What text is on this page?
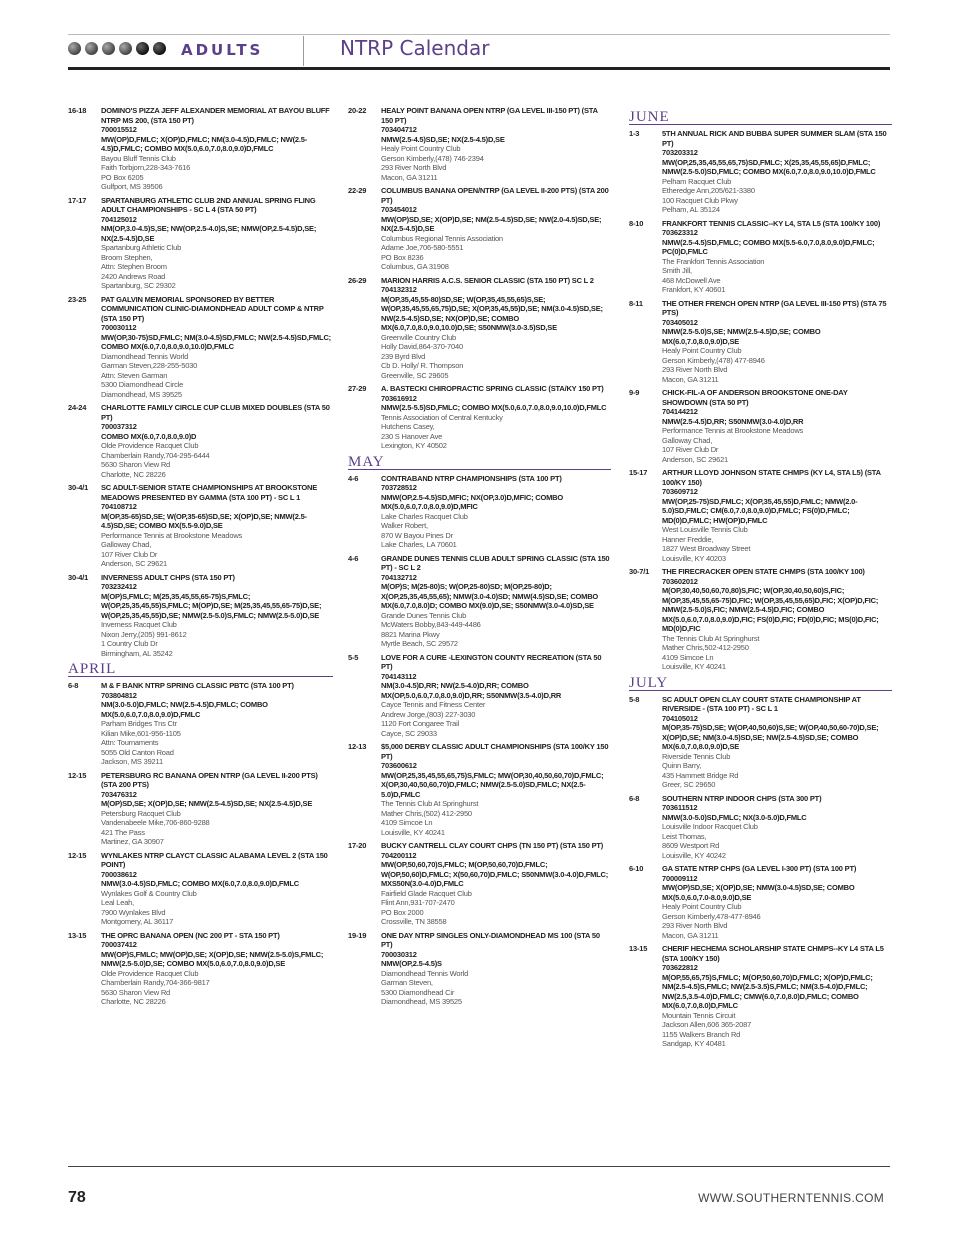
ADULTS	NTRP Calendar
16-18	DOMINO'S PIZZA JEFF ALEXANDER MEMORIAL AT BAYOU BLUFF NTRP MS 200, (STA 150 PT)
700015512
MW(OP)D,FMLC; X(OP)D,FMLC; NM(3.0-4.5)D,FMLC; NW(2.5-4.5)D,FMLC; COMBO MX(5.0,6.0,7.0,8.0,9.0)D,FMLC
Bayou Bluff Tennis Club
Faith Torbjorn,228-343-7616
PO Box 6205
Gulfport, MS 39506
17-17	SPARTANBURG ATHLETIC CLUB 2ND ANNUAL SPRING FLING ADULT CHAMPIONSHIPS - SC L 4 (STA 50 PT)
704125012
NM(OP,3.0-4.5)S,SE; NW(OP,2.5-4.0)S,SE; NMW(OP,2.5-4.5)D,SE; NX(2.5-4.5)D,SE
Spartanburg Athletic Club
Broom Stephen,
Attn: Stephen Broom
2420 Andrews Road
Spartanburg, SC 29302
23-25	PAT GALVIN MEMORIAL SPONSORED BY BETTER COMMUNICATION CLINIC-DIAMONDHEAD ADULT COMP & NTRP (STA 150 PT)
700030112
MW(OP,30-75)SD,FMLC; NM(3.0-4.5)SD,FMLC; NW(2.5-4.5)SD,FMLC; COMBO MX(6.0,7.0,8.0,9.0,10.0)D,FMLC
Diamondhead Tennis World
Garman Steven,228-255-5030
Attn: Steven Garman
5300 Diamondhead Circle
Diamondhead, MS 39525
24-24	CHARLOTTE FAMILY CIRCLE CUP CLUB MIXED DOUBLES (STA 50 PT)
700037312
COMBO MX(6.0,7.0,8.0,9.0)D
Olde Providence Racquet Club
Chamberlain Randy,704-295-6444
5630 Sharon View Rd
Charlotte, NC 28226
30-4/1	SC ADULT-SENIOR STATE CHAMPIONSHIPS AT BROOKSTONE MEADOWS PRESENTED BY GAMMA (STA 100 PT) - SC L 1
704108712
M(OP,35-65)SD,SE; W(OP,35-65)SD,SE; X(OP)D,SE; NMW(2.5-4.5)SD,SE; COMBO MX(5.5-9.0)D,SE
Performance Tennis at Brookstone Meadows
Galloway Chad,
107 River Club Dr
Anderson, SC 29621
30-4/1	INVERNESS ADULT CHPS (STA 150 PT)
703232412
M(OP)S,FMLC; M(25,35,45,55,65-75)S,FMLC; W(OP,25,35,45,55)S,FMLC; M(OP)D,SE; M(25,35,45,55,65-75)D,SE; W(OP,25,35,45,55)D,SE; NMW(2.5-5.0)S,FMLC; NMW(2.5-5.0)D,SE
Inverness Racquet Club
Nixon Jerry,(205) 991-8612
1 Country Club Dr
Birmingham, AL 35242
APRIL
6-8	M & F BANK NTRP SPRING CLASSIC PBTC (STA 100 PT)
703804812
NM(3.0-5.0)D,FMLC; NW(2.5-4.5)D,FMLC; COMBO MX(5.0,6.0,7.0,8.0,9.0)D,FMLC
Parham Bridges Tns Ctr
Kilian Mike,601-956-1105
Attn: Tournaments
5055 Old Canton Road
Jackson, MS 39211
12-15	PETERSBURG RC BANANA OPEN NTRP (GA LEVEL II-200 PTS) (STA 200 PTS)
703476312
M(OP)SD,SE; X(OP)D,SE; NMW(2.5-4.5)SD,SE; NX(2.5-4.5)D,SE
Petersburg Racquet Club
Vandenabeele Mike,706-860-9288
421 The Pass
Martinez, GA 30907
12-15	WYNLAKES NTRP CLAYCT CLASSIC ALABAMA LEVEL 2 (STA 150 POINT)
700038612
NMW(3.0-4.5)SD,FMLC; COMBO MX(6.0,7.0,8.0,9.0)D,FMLC
Wynlakes Golf & Country Club
Leal Leah,
7900 Wynlakes Blvd
Montgomery, AL 36117
13-15	THE OPRC BANANA OPEN (NC 200 PT - STA 150 PT)
700037412
MW(OP)S,FMLC; MW(OP)D,SE; X(OP)D,SE; NMW(2.5-5.0)S,FMLC; NMW(2.5-5.0)D,SE; COMBO MX(5.0,6.0,7.0,8.0,9.0)D,SE
Olde Providence Racquet Club
Chamberlain Randy,704-366-9817
5630 Sharon View Rd
Charlotte, NC 28226
20-22	HEALY POINT BANANA OPEN NTRP (GA LEVEL III-150 PT) (STA 150 PT)
703404712
NMW(2.5-4.5)SD,SE; NX(2.5-4.5)D,SE
Healy Point Country Club
Gerson Kimberly,(478) 746-2394
293 River North Blvd
Macon, GA 31211
22-29	COLUMBUS BANANA OPEN/NTRP (GA LEVEL II-200 PTS) (STA 200 PT)
703454012
MW(OP)SD,SE; X(OP)D,SE; NM(2.5-4.5)SD,SE; NW(2.0-4.5)SD,SE; NX(2.5-4.5)D,SE
Columbus Regional Tennis Association
Adame Joe,706-580-5551
PO Box 8236
Columbus, GA 31908
26-29	MARION HARRIS A.C.S. SENIOR CLASSIC (STA 150 PT) SC L 2
704132312
M(OP,35,45,55-80)SD,SE; W(OP,35,45,55,65)S,SE; W(OP,35,45,55,65,75)D,SE; X(OP,35,45,55)D,SE; NM(3.0-4.5)SD,SE; NW(2.5-4.5)SD,SE; NX(OP)D,SE; COMBO MX(6.0,7.0,8.0,9.0,10.0)D,SE; S50NMW(3.0-3.5)SD,SE
Greenville Country Club
Holly David,864-370-7040
239 Byrd Blvd
Cb D. Holly/ R. Thompson
Greenville, SC 29605
27-29	A. BASTECKI CHIROPRACTIC SPRING CLASSIC (STA/KY 150 PT)
703616912
NMW(2.5-5.5)SD,FMLC; COMBO MX(5.0,6.0,7.0,8.0,9.0,10.0)D,FMLC
Tennis Association of Central Kentucky
Hutchens Casey,
230 S Hanover Ave
Lexington, KY 40502
MAY
4-6	CONTRABAND NTRP CHAMPIONSHIPS (STA 100 PT)
703728512
NMW(OP,2.5-4.5)SD,MFIC; NX(OP,3.0)D,MFIC; COMBO MX(5.0,6.0,7.0,8.0,9.0)D,MFIC
Lake Charles Racquet Club
Walker Robert,
870 W Bayou Pines Dr
Lake Charles, LA 70601
4-6	GRANDE DUNES TENNIS CLUB ADULT SPRING CLASSIC (STA 150 PT) - SC L 2
704132712
M(OP)S; M(25-80)S; W(OP,25-80)SD; M(OP,25-80)D; X(OP,25,35,45,55,65); NMW(3.0-4.0)SD; NMW(4.5)SD,SE; COMBO MX(6.0,7.0,8.0)D; COMBO MX(9.0)D,SE; S50NMW(3.0-4.0)SD,SE
Grande Dunes Tennis Club
McWaters Bobby,843-449-4486
8821 Marina Pkwy
Myrtle Beach, SC 29572
5-5	LOVE FOR A CURE -LEXINGTON COUNTY RECREATION (STA 50 PT)
704143112
NM(3.0-4.5)D,RR; NW(2.5-4.0)D,RR; COMBO MX(OP,5.0,6.0,7.0,8.0,9.0)D,RR; S50NMW(3.5-4.0)D,RR
Cayce Tennis and Fitness Center
Andrew Jorge,(803) 227-3030
1120 Fort Congaree Trail
Cayce, SC 29033
12-13	$5,000 DERBY CLASSIC ADULT CHAMPIONSHIPS (STA 100/KY 150 PT)
703600612
MW(OP,25,35,45,55,65,75)S,FMLC; MW(OP,30,40,50,60,70)D,FMLC; X(OP,30,40,50,60,70)D,FMLC; NMW(2.5-5.0)SD,FMLC; NX(2.5-5.0)D,FMLC
The Tennis Club At Springhurst
Mather Chris,(502) 412-2950
4109 Simcoe Ln
Louisville, KY 40241
17-20	BUCKY CANTRELL CLAY COURT CHPS (TN 150 PT) (STA 150 PT)
704200112
MW(OP,50,60,70)S,FMLC; M(OP,50,60,70)D,FMLC; W(OP,50,60)D,FMLC; X(50,60,70)D,FMLC; S50NMW(3.0-4.0)D,FMLC; MXS50N(3.0-4.0)D,FMLC
Fairfield Glade Racquet Club
Flint Ann,931-707-2470
PO Box 2000
Crossville, TN 38558
19-19	ONE DAY NTRP SINGLES ONLY-DIAMONDHEAD MS 100 (STA 50 PT)
700030312
NMW(OP,2.5-4.5)S
Diamondhead Tennis World
Garman Steven,
5300 Diamondhead Cir
Diamondhead, MS 39525
JUNE
1-3	5TH ANNUAL RICK AND BUBBA SUPER SUMMER SLAM (STA 150 PT)
703203312
MW(OP,25,35,45,55,65,75)SD,FMLC; X(25,35,45,55,65)D,FMLC; NMW(2.5-5.0)SD,FMLC; COMBO MX(6.0,7.0,8.0,9.0,10.0)D,FMLC
Pelham Racquet Club
Etheredge Ann,205/621-3380
100 Racquet Club Pkwy
Pelham, AL 35124
8-10	FRANKFORT TENNIS CLASSIC--KY L4, STA L5 (STA 100/KY 100)
703623312
NMW(2.5-4.5)SD,FMLC; COMBO MX(5.5-6.0,7.0,8.0,9.0)D,FMLC; PC(0)D,FMLC
The Frankfort Tennis Association
Smith Jill,
468 McDowell Ave
Frankfort, KY 40601
8-11	THE OTHER FRENCH OPEN NTRP (GA LEVEL III-150 PTS) (STA 75 PTS)
703405012
NMW(2.5-5.0)S,SE; NMW(2.5-4.5)D,SE; COMBO MX(6.0,7.0,8.0,9.0)D,SE
Healy Point Country Club
Gerson Kimberly,(478) 477-8946
293 River North Blvd
Macon, GA 31211
9-9	CHICK-FIL-A OF ANDERSON BROOKSTONE ONE-DAY SHOWDOWN (STA 50 PT)
704144212
NMW(2.5-4.5)D,RR; S50NMW(3.0-4.0)D,RR
Performance Tennis at Brookstone Meadows
Galloway Chad,
107 River Club Dr
Anderson, SC 29621
15-17	ARTHUR LLOYD JOHNSON STATE CHMPS (KY L4, STA L5) (STA 100/KY 150)
703609712
MW(OP,25-75)SD,FMLC; X(OP,35,45,55)D,FMLC; NMW(2.0-5.0)SD,FMLC; CM(6.0,7.0,8.0,9.0)D,FMLC; FS(0)D,FMLC; MD(0)D,FMLC; HW(OP)D,FMLC
West Louisville Tennis Club
Hanner Freddie,
1827 West Broadway Street
Louisville, KY 40203
30-7/1	THE FIRECRACKER OPEN STATE CHMPS (STA 100/KY 100)
703602012
M(OP,30,40,50,60,70,80)S,FIC; W(OP,30,40,50,60)S,FIC; M(OP,35,45,55,65-75)D,FIC; W(OP,35,45,55,65)D,FIC; X(OP)D,FIC; NMW(2.5-5.0)S,FIC; NMW(2.5-4.5)D,FIC; COMBO MX(5.0,6.0,7.0,8.0,9.0)D,FIC; FS(0)D,FIC; FD(0)D,FIC; MS(0)D,FIC; MD(0)D,FIC
The Tennis Club At Springhurst
Mather Chris,502-412-2950
4109 Simcoe Ln
Louisville, KY 40241
JULY
5-8	SC ADULT OPEN CLAY COURT STATE CHAMPIONSHIP AT RIVERSIDE - (STA 100 PT) - SC L 1
704105012
M(OP,35-75)SD,SE; W(OP,40,50,60)S,SE; W(OP,40,50,60-70)D,SE; X(OP)D,SE; NM(3.0-4.5)SD,SE; NW(2.5-4.5)SD,SE; COMBO MX(6.0,7.0,8.0,9.0)D,SE
Riverside Tennis Club
Quinn Barry,
435 Hammett Bridge Rd
Greer, SC 29650
6-8	SOUTHERN NTRP INDOOR CHPS (STA 300 PT)
703611512
NMW(3.0-5.0)SD,FMLC; NX(3.0-5.0)D,FMLC
Louisville Indoor Racquet Club
Leist Thomas,
8609 Westport Rd
Louisville, KY 40242
6-10	GA STATE NTRP CHPS (GA LEVEL I-300 PT) (STA 100 PT)
700009112
MW(OP)SD,SE; X(OP)D,SE; NMW(3.0-4.5)SD,SE; COMBO MX(5.0,6.0,7.0-8.0,9.0)D,SE
Healy Point Country Club
Gerson Kimberly,478-477-8946
293 River North Blvd
Macon, GA 31211
13-15	CHERIF HECHEMA SCHOLARSHIP STATE CHMPS--KY L4 STA L5 (STA 100/KY 150)
703622812
M(OP,55,65,75)S,FMLC; M(OP,50,60,70)D,FMLC; X(OP)D,FMLC; NM(2.5-4.5)S,FMLC; NW(2.5-3.5)S,FMLC; NM(3.5-4.0)D,FMLC; NW(2.5,3.5-4.0)D,FMLC; CMW(6.0,7.0,8.0)D,FMLC; COMBO MX(6.0,7.0,8.0)D,FMLC
Mountain Tennis Circuit
Jackson Allen,606 365-2087
1155 Walkers Branch Rd
Sandgap, KY 40481
78	WWW.SOUTHERNTENNIS.COM
